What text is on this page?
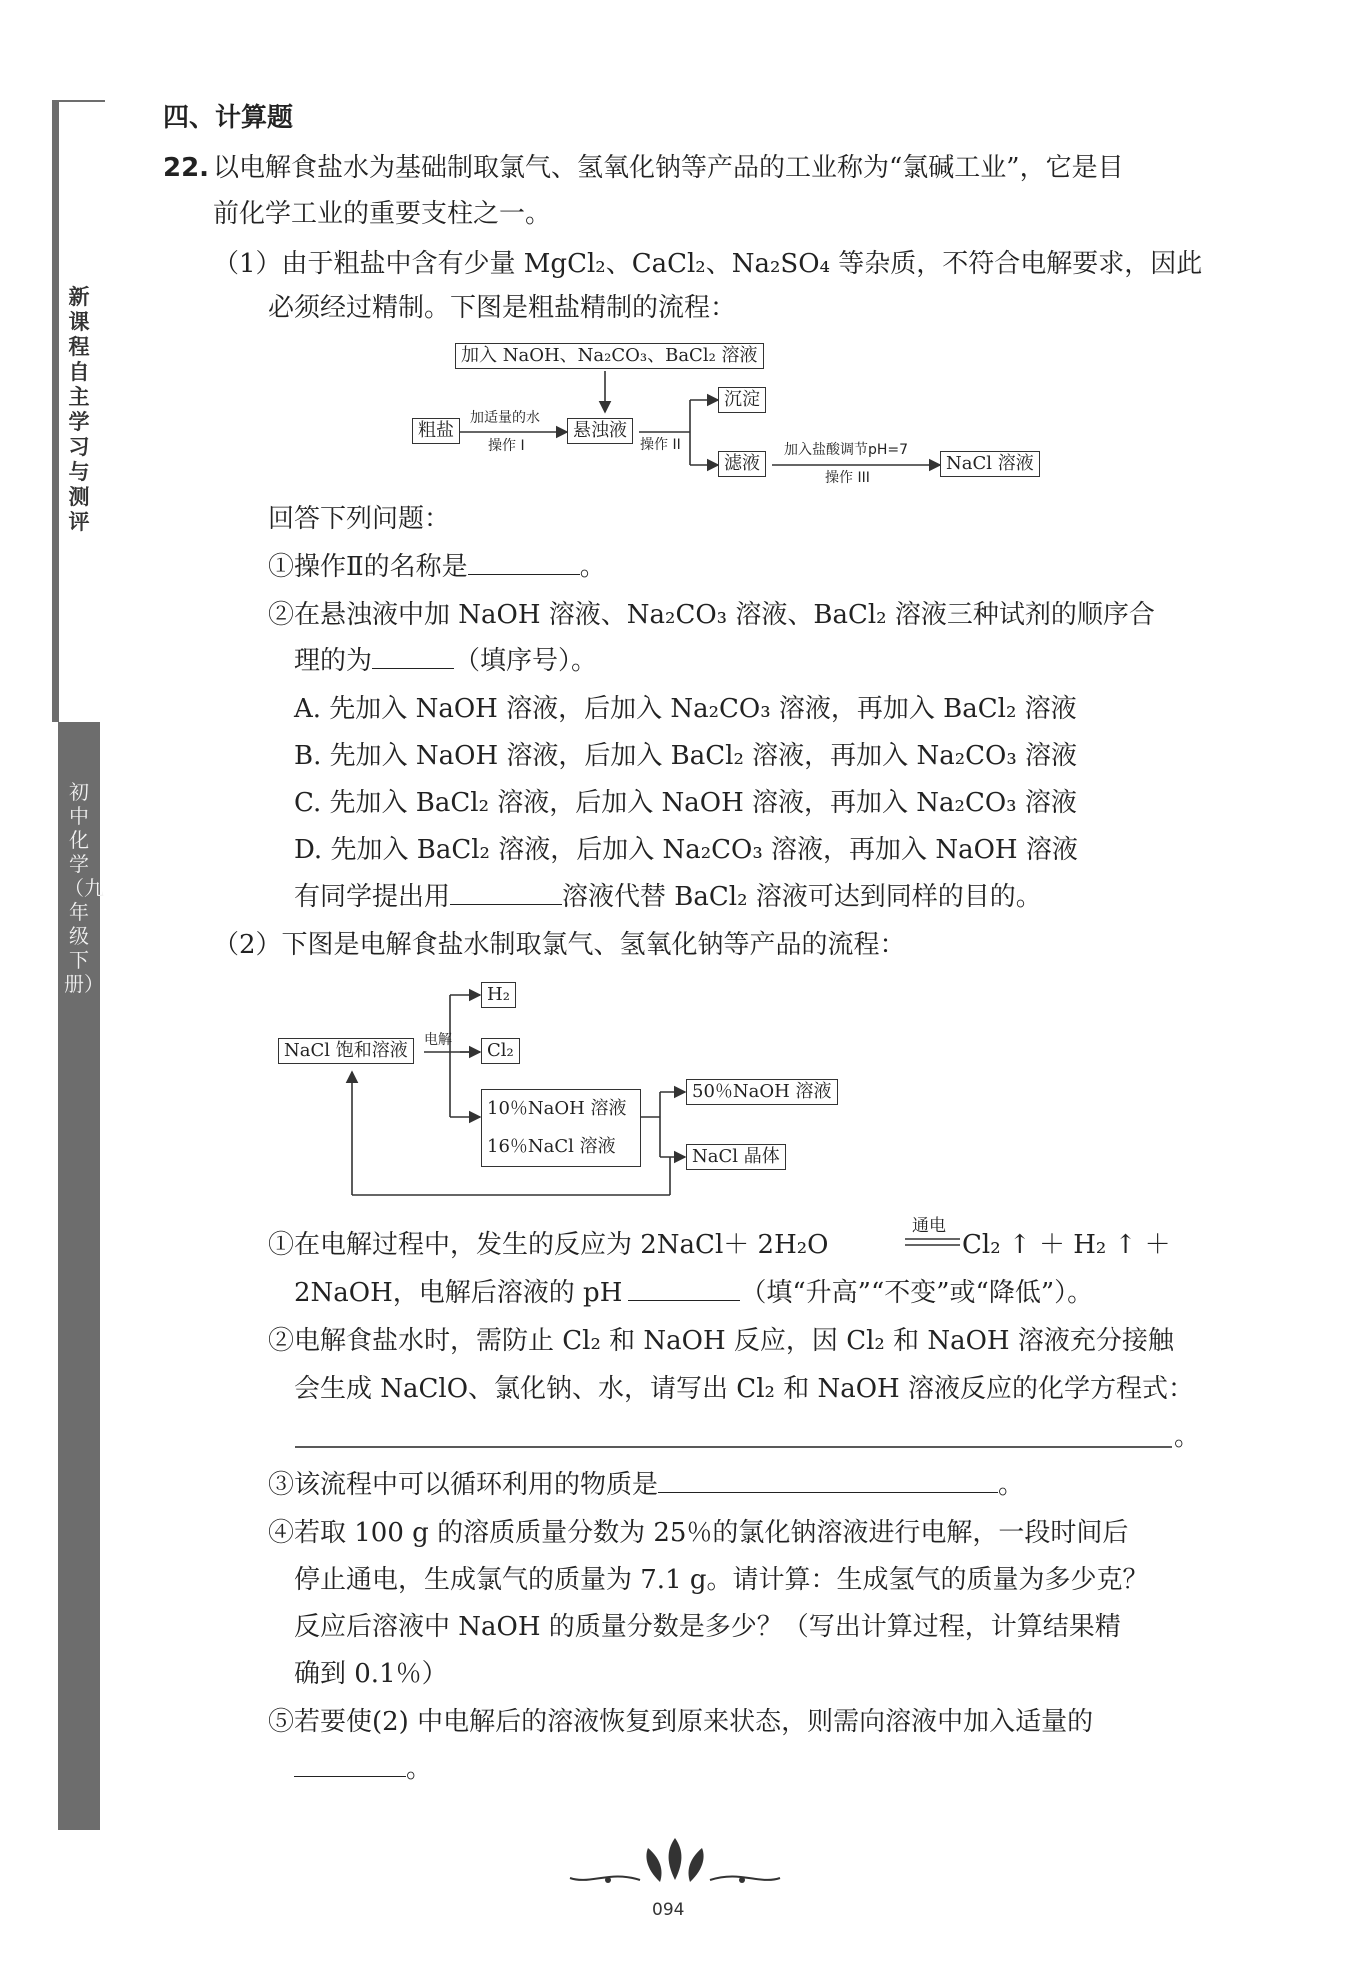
新课程自主学习与测评
初中化学（九年级下册）
四、计算题
22. 以电解食盐水为基础制取氯气、氢氧化钠等产品的工业称为“氯碱工业”，它是目
前化学工业的重要支柱之一。
（1）由于粗盐中含有少量 MgCl₂、CaCl₂、Na₂SO₄ 等杂质，不符合电解要求，因此
必须经过精制。下图是粗盐精制的流程：
加入 NaOH、Na₂CO₃、BaCl₂ 溶液
粗盐
加适量的水
操作 I
悬浊液
操作 II
沉淀
滤液
加入盐酸调节pH=7
操作 III
NaCl 溶液
回答下列问题：
①操作Ⅱ的名称是	。
②在悬浊液中加 NaOH 溶液、Na₂CO₃ 溶液、BaCl₂ 溶液三种试剂的顺序合
理的为	（填序号）。
A. 先加入 NaOH 溶液，后加入 Na₂CO₃ 溶液，再加入 BaCl₂ 溶液
B. 先加入 NaOH 溶液，后加入 BaCl₂ 溶液，再加入 Na₂CO₃ 溶液
C. 先加入 BaCl₂ 溶液，后加入 NaOH 溶液，再加入 Na₂CO₃ 溶液
D. 先加入 BaCl₂ 溶液，后加入 Na₂CO₃ 溶液，再加入 NaOH 溶液
有同学提出用	溶液代替 BaCl₂ 溶液可达到同样的目的。
（2）下图是电解食盐水制取氯气、氢氧化钠等产品的流程：
NaCl 饱和溶液	电解
H₂
Cl₂
10％NaOH 溶液
16％NaCl 溶液
50％NaOH 溶液
NaCl 晶体
①在电解过程中，发生的反应为 2NaCl＋ 2H₂O
通电
Cl₂ ↑ ＋ H₂ ↑ ＋
2NaOH，电解后溶液的 pH	（填“升高”“不变”或“降低”）。
②电解食盐水时，需防止 Cl₂ 和 NaOH 反应，因 Cl₂ 和 NaOH 溶液充分接触
会生成 NaClO、氯化钠、水，请写出 Cl₂ 和 NaOH 溶液反应的化学方程式：
。
③该流程中可以循环利用的物质是	。
④若取 100 g 的溶质质量分数为 25％的氯化钠溶液进行电解，一段时间后
停止通电，生成氯气的质量为 7.1 g。请计算：生成氢气的质量为多少克？
反应后溶液中 NaOH 的质量分数是多少？（写出计算过程，计算结果精
确到 0.1％）
⑤若要使(2) 中电解后的溶液恢复到原来状态，则需向溶液中加入适量的
。
094
